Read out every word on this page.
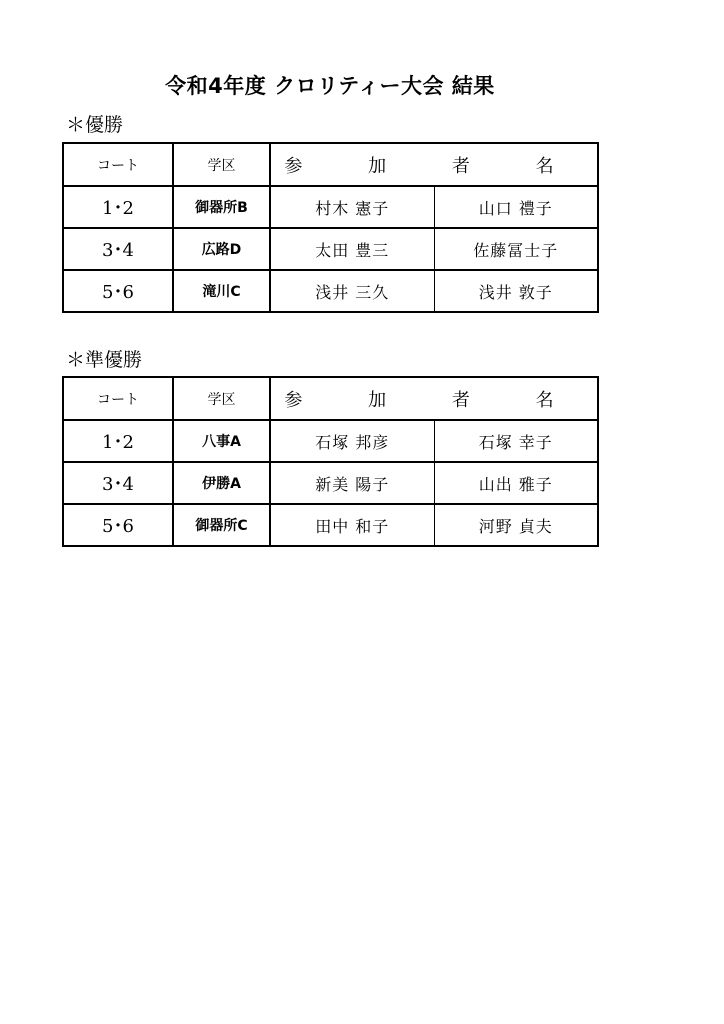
令和4年度 クロリティー大会 結果
＊優勝
コート	学区	参 加 者 名	
1･2	御器所B	村木 憲子	山口 禮子
3･4	広路D	太田 豊三	佐藤冨士子
5･6	滝川C	浅井 三久	浅井 敦子
＊準優勝
コート	学区	参 加 者 名	
1･2	八事A	石塚 邦彦	石塚 幸子
3･4	伊勝A	新美 陽子	山出 雅子
5･6	御器所C	田中 和子	河野 貞夫
